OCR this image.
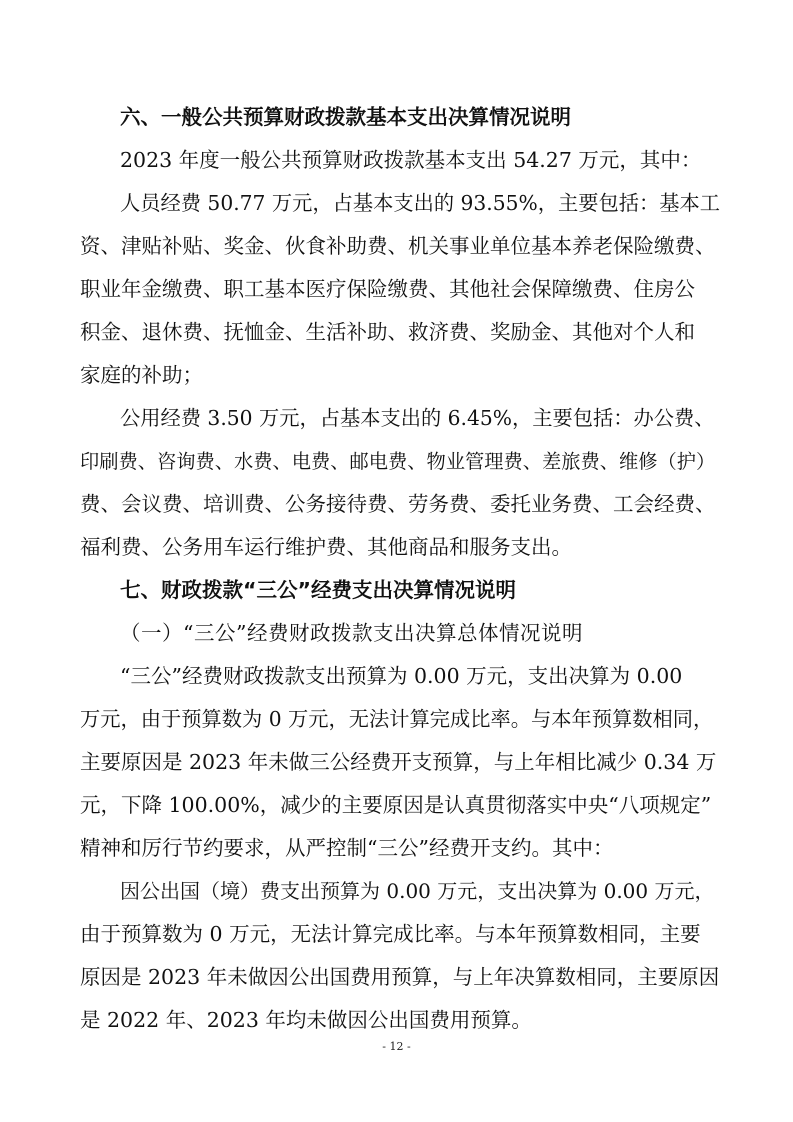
六、一般公共预算财政拨款基本支出决算情况说明
2023 年度一般公共预算财政拨款基本支出 54.27 万元，其中：
人员经费 50.77 万元，占基本支出的 93.55%，主要包括：基本工
资、津贴补贴、奖金、伙食补助费、机关事业单位基本养老保险缴费、
职业年金缴费、职工基本医疗保险缴费、其他社会保障缴费、住房公
积金、退休费、抚恤金、生活补助、救济费、奖励金、其他对个人和
家庭的补助；
公用经费 3.50 万元，占基本支出的 6.45%，主要包括：办公费、
印刷费、咨询费、水费、电费、邮电费、物业管理费、差旅费、维修（护）
费、会议费、培训费、公务接待费、劳务费、委托业务费、工会经费、
福利费、公务用车运行维护费、其他商品和服务支出。
七、财政拨款“三公”经费支出决算情况说明
（一）“三公”经费财政拨款支出决算总体情况说明
“三公”经费财政拨款支出预算为 0.00 万元，支出决算为 0.00
万元，由于预算数为 0 万元，无法计算完成比率。与本年预算数相同，
主要原因是 2023 年未做三公经费开支预算，与上年相比减少 0.34 万
元，下降 100.00%，减少的主要原因是认真贯彻落实中央“八项规定”
精神和厉行节约要求，从严控制“三公”经费开支约。其中：
因公出国（境）费支出预算为 0.00 万元，支出决算为 0.00 万元，
由于预算数为 0 万元，无法计算完成比率。与本年预算数相同，主要
原因是 2023 年未做因公出国费用预算，与上年决算数相同，主要原因
是 2022 年、2023 年均未做因公出国费用预算。
- 12 -
